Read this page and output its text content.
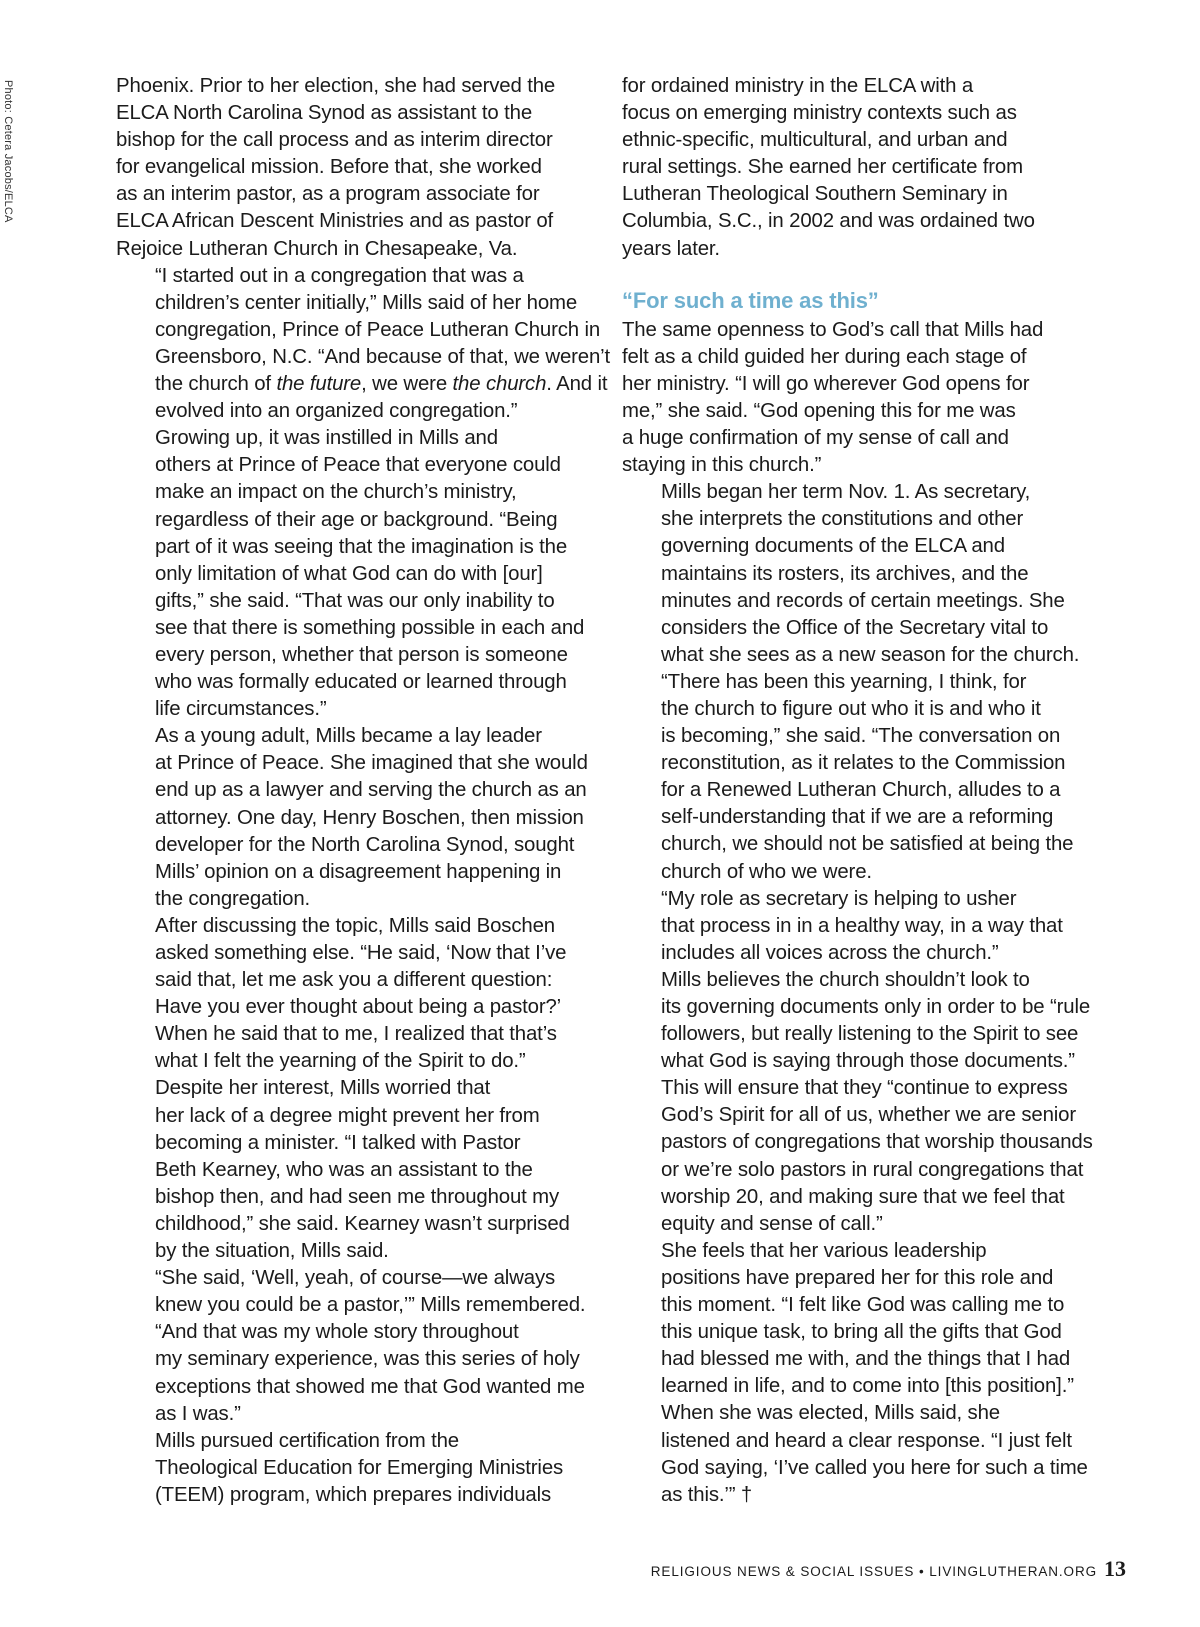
Photo: Cetera Jacobs/ELCA	Phoenix. Prior to her election, she had served the
ELCA North Carolina Synod as assistant to the
bishop for the call process and as interim director
for evangelical mission. Before that, she worked
as an interim pastor, as a program associate for
ELCA African Descent Ministries and as pastor of
Rejoice Lutheran Church in Chesapeake, Va.

“I started out in a congregation that was a
children’s center initially,” Mills said of her home
congregation, Prince of Peace Lutheran Church in
Greensboro, N.C. “And because of that, we weren’t
the church of the future, we were the church. And it
evolved into an organized congregation.”

Growing up, it was instilled in Mills and
others at Prince of Peace that everyone could
make an impact on the church’s ministry,
regardless of their age or background. “Being
part of it was seeing that the imagination is the
only limitation of what God can do with [our]
gifts,” she said. “That was our only inability to
see that there is something possible in each and
every person, whether that person is someone
who was formally educated or learned through
life circumstances.”

As a young adult, Mills became a lay leader
at Prince of Peace. She imagined that she would
end up as a lawyer and serving the church as an
attorney. One day, Henry Boschen, then mission
developer for the North Carolina Synod, sought
Mills’ opinion on a disagreement happening in
the congregation.

After discussing the topic, Mills said Boschen
asked something else. “He said, ‘Now that I’ve
said that, let me ask you a different question:
Have you ever thought about being a pastor?’
When he said that to me, I realized that that’s
what I felt the yearning of the Spirit to do.”

Despite her interest, Mills worried that
her lack of a degree might prevent her from
becoming a minister. “I talked with Pastor
Beth Kearney, who was an assistant to the
bishop then, and had seen me throughout my
childhood,” she said. Kearney wasn’t surprised
by the situation, Mills said.

“She said, ‘Well, yeah, of course—we always
knew you could be a pastor,’” Mills remembered.

“And that was my whole story throughout
my seminary experience, was this series of holy
exceptions that showed me that God wanted me
as I was.”

Mills pursued certification from the
Theological Education for Emerging Ministries
(TEEM) program, which prepares individuals

for ordained ministry in the ELCA with a
focus on emerging ministry contexts such as
ethnic-specific, multicultural, and urban and
rural settings. She earned her certificate from
Lutheran Theological Southern Seminary in
Columbia, S.C., in 2002 and was ordained two
years later.

“For such a time as this”

The same openness to God’s call that Mills had
felt as a child guided her during each stage of
her ministry. “I will go wherever God opens for
me,” she said. “God opening this for me was
a huge confirmation of my sense of call and
staying in this church.”

Mills began her term Nov. 1. As secretary,
she interprets the constitutions and other
governing documents of the ELCA and
maintains its rosters, its archives, and the
minutes and records of certain meetings. She
considers the Office of the Secretary vital to
what she sees as a new season for the church.

“There has been this yearning, I think, for
the church to figure out who it is and who it
is becoming,” she said. “The conversation on
reconstitution, as it relates to the Commission
for a Renewed Lutheran Church, alludes to a
self-understanding that if we are a reforming
church, we should not be satisfied at being the
church of who we were.

“My role as secretary is helping to usher
that process in in a healthy way, in a way that
includes all voices across the church.”

Mills believes the church shouldn’t look to
its governing documents only in order to be “rule
followers, but really listening to the Spirit to see
what God is saying through those documents.”
This will ensure that they “continue to express
God’s Spirit for all of us, whether we are senior
pastors of congregations that worship thousands
or we’re solo pastors in rural congregations that
worship 20, and making sure that we feel that
equity and sense of call.”

She feels that her various leadership
positions have prepared her for this role and
this moment. “I felt like God was calling me to
this unique task, to bring all the gifts that God
had blessed me with, and the things that I had
learned in life, and to come into [this position].”

When she was elected, Mills said, she
listened and heard a clear response. “I just felt
God saying, ‘I’ve called you here for such a time
as this.’” †

RELIGIOUS NEWS & SOCIAL ISSUES • LIVINGLUTHERAN.ORG 13
